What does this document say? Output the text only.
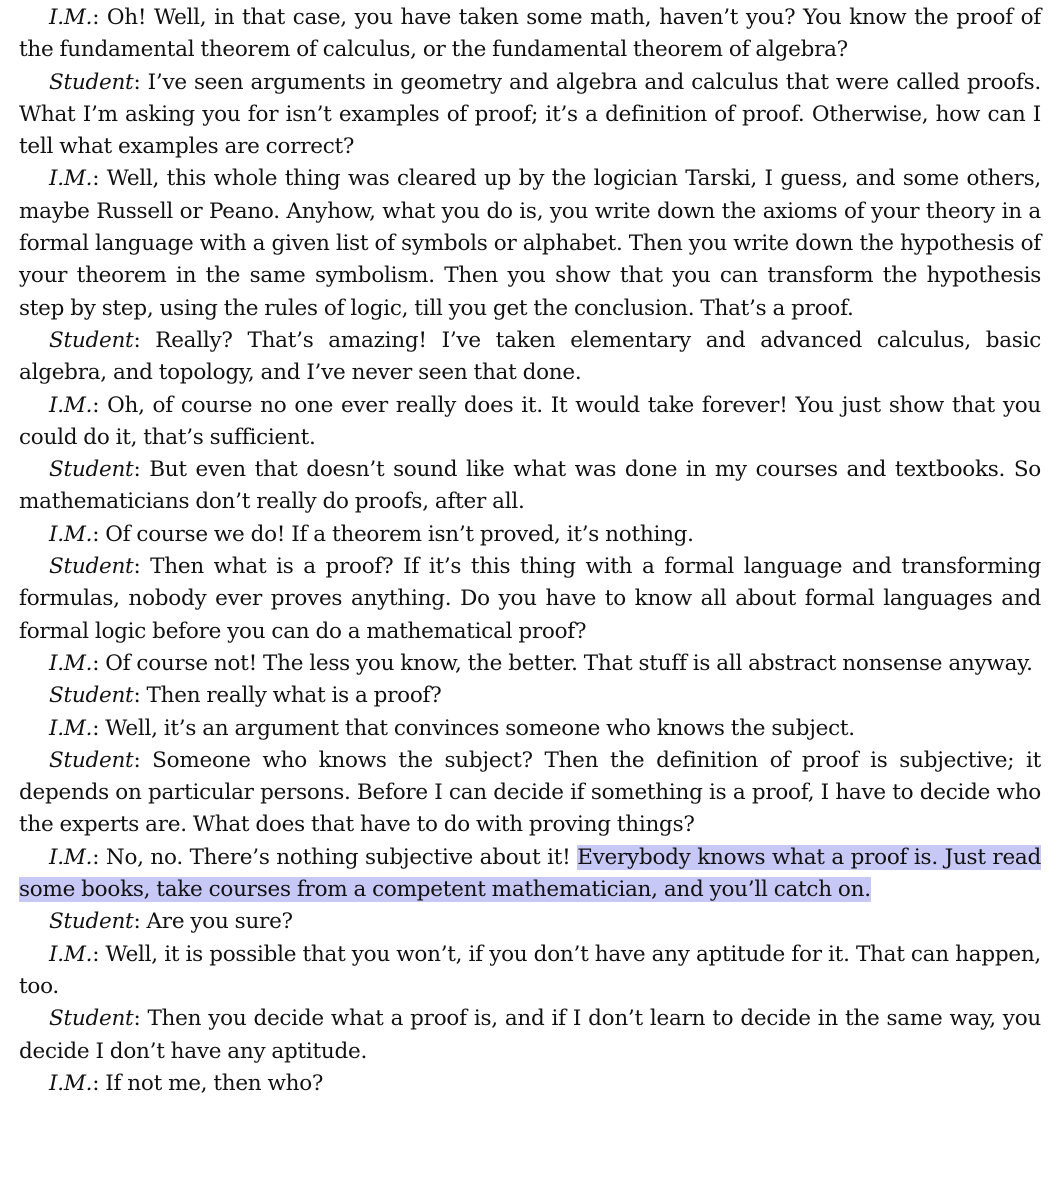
I.M.: Oh! Well, in that case, you have taken some math, haven’t you? You know the proof of the fundamental theorem of calculus, or the fundamental theorem of algebra?

Student: I’ve seen arguments in geometry and algebra and calculus that were called proofs. What I’m asking you for isn’t examples of proof; it’s a definition of proof. Otherwise, how can I tell what examples are correct?

I.M.: Well, this whole thing was cleared up by the logician Tarski, I guess, and some others, maybe Russell or Peano. Anyhow, what you do is, you write down the axioms of your theory in a formal language with a given list of symbols or alphabet. Then you write down the hypothesis of your theorem in the same symbolism. Then you show that you can transform the hypothesis step by step, using the rules of logic, till you get the conclusion. That’s a proof.

Student: Really? That’s amazing! I’ve taken elementary and advanced calculus, basic algebra, and topology, and I’ve never seen that done.

I.M.: Oh, of course no one ever really does it. It would take forever! You just show that you could do it, that’s sufficient.

Student: But even that doesn’t sound like what was done in my courses and textbooks. So mathematicians don’t really do proofs, after all.

I.M.: Of course we do! If a theorem isn’t proved, it’s nothing.

Student: Then what is a proof? If it’s this thing with a formal language and transforming formulas, nobody ever proves anything. Do you have to know all about formal languages and formal logic before you can do a mathematical proof?

I.M.: Of course not! The less you know, the better. That stuff is all abstract nonsense anyway.

Student: Then really what is a proof?

I.M.: Well, it’s an argument that convinces someone who knows the subject.

Student: Someone who knows the subject? Then the definition of proof is subjective; it depends on particular persons. Before I can decide if something is a proof, I have to decide who the experts are. What does that have to do with proving things?

I.M.: No, no. There’s nothing subjective about it! Everybody knows what a proof is. Just read some books, take courses from a competent mathematician, and you’ll catch on.

Student: Are you sure?

I.M.: Well, it is possible that you won’t, if you don’t have any aptitude for it. That can happen, too.

Student: Then you decide what a proof is, and if I don’t learn to decide in the same way, you decide I don’t have any aptitude.

I.M.: If not me, then who?
